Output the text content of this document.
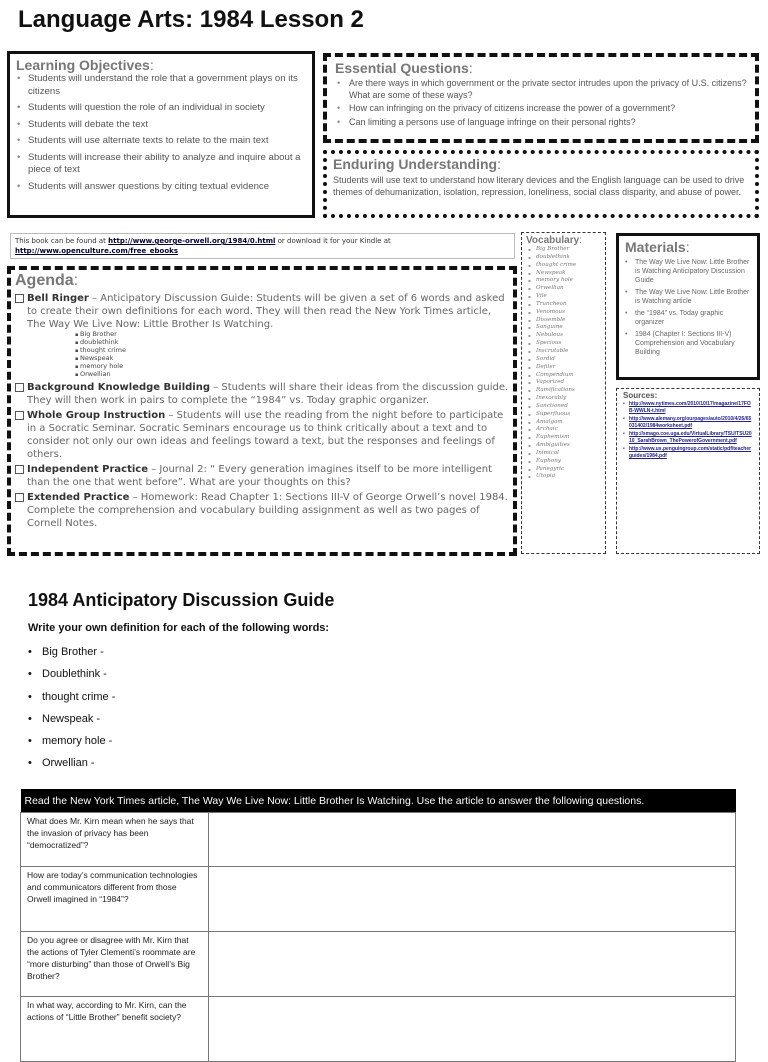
Language Arts: 1984 Lesson 2
Learning Objectives:
• Students will understand the role that a government plays on its citizens
• Students will question the role of an individual in society
• Students will debate the text
• Students will use alternate texts to relate to the main text
• Students will increase their ability to analyze and inquire about a piece of text
• Students will answer questions by citing textual evidence
Essential Questions:
• Are there ways in which government or the private sector intrudes upon the privacy of U.S. citizens? What are some of these ways?
• How can infringing on the privacy of citizens increase the power of a government?
• Can limiting a persons use of language infringe on their personal rights?
Enduring Understanding:
Students will use text to understand how literary devices and the English language can be used to drive themes of dehumanization, isolation, repression, loneliness, social class disparity, and abuse of power.
This book can be found at http://www.george-orwell.org/1984/0.html or download it for your Kindle at
http://www.openculture.com/free_ebooks
Agenda:
Bell Ringer – Anticipatory Discussion Guide: Students will be given a set of 6 words and asked to create their own definitions for each word. They will then read the New York Times article, The Way We Live Now: Little Brother Is Watching.
▪ Big Brother
▪ doublethink
▪ thought crime
▪ Newspeak
▪ memory hole
▪ Orwellian
Background Knowledge Building – Students will share their ideas from the discussion guide. They will then work in pairs to complete the “1984” vs. Today graphic organizer.
Whole Group Instruction – Students will use the reading from the night before to participate in a Socratic Seminar. Socratic Seminars encourage us to think critically about a text and to consider not only our own ideas and feelings toward a text, but the responses and feelings of others.
Independent Practice – Journal 2: “ Every generation imagines itself to be more intelligent than the one that went before”. What are your thoughts on this?
Extended Practice – Homework: Read Chapter 1: Sections III-V of George Orwell’s novel 1984. Complete the comprehension and vocabulary building assignment as well as two pages of Cornell Notes.
Vocabulary:
▪ Big Brother
▪ doublethink
▪ thought crime
▪ Newspeak
▪ memory hole
▪ Orwellian
▪ Vile
▪ Truncheon
▪ Venomous
▪ Dissemble
▪ Sanguine
▪ Nebulous
▪ Specious
▪ Inscrutable
▪ Sordid
▪ Defiler
▪ Compendium
▪ Vaporized
▪ Ramifications
▪ Inexorably
▪ Sanctioned
▪ Superfluous
▪ Amalgam
▪ Archaic
▪ Euphemism
▪ Ambiguities
▪ Inimical
▪ Euphony
▪ Panegyric
▪ Utopia
Materials:
• The Way We Live Now: Little Brother is Watching Anticipatory Discussion Guide
• The Way We Live Now: Little Brother is Watching article
• the “1984” vs. Today graphic organizer
• 1984 (Chapter I: Sections III-V) Comprehension and Vocabulary Building
Sources:
• http://www.nytimes.com/2010/10/17/magazine/17FOB-WWLN-t.html
• http://www.alemany.org/ourpages/auto/2010/4/26/65031402/1984worksheet.pdf
• http://smago.coe.uga.edu/VirtualLibrary/TSU/TSU2010_SarahBrown_ThePowerofGovernment.pdf
• http://www.us.penguingroup.com/static/pdf/teacherguides/1984.pdf
1984 Anticipatory Discussion Guide
Write your own definition for each of the following words:
• Big Brother -
• Doublethink -
• thought crime -
• Newspeak -
• memory hole -
• Orwellian -
Read the New York Times article, The Way We Live Now: Little Brother Is Watching. Use the article to answer the following questions.	
What does Mr. Kirn mean when he says that the invasion of privacy has been “democratized”?	
How are today’s communication technologies and communicators different from those Orwell imagined in “1984”?	
Do you agree or disagree with Mr. Kirn that the actions of Tyler Clementi’s roommate are “more disturbing” than those of Orwell’s Big Brother?	
In what way, according to Mr. Kirn, can the actions of “Little Brother” benefit society?	
